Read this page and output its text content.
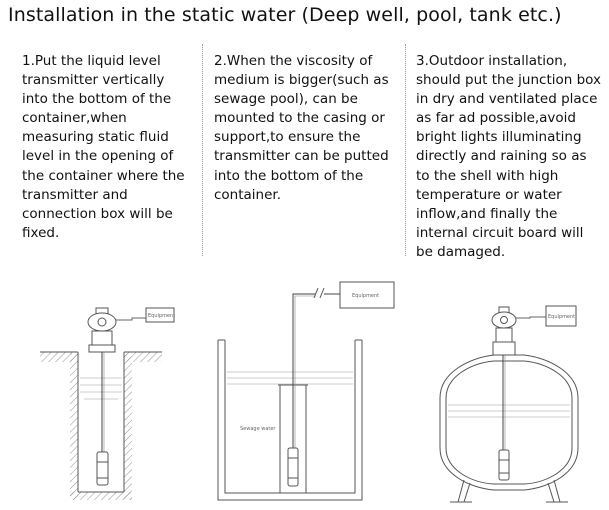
Installation in the static water (Deep well, pool, tank etc.)
1.Put the liquid level transmitter vertically into the bottom of the container,when measuring static fluid level in the opening of the container where the transmitter and connection box will be fixed.
2.When the viscosity of medium is bigger(such as sewage pool), can be mounted to the casing or support,to ensure the transmitter can be putted into the bottom of the container.
3.Outdoor installation, should put the junction box in dry and ventilated place as far ad possible,avoid bright lights illuminating directly and raining so as to the shell with high temperature or water inflow,and finally the internal circuit board will be damaged.
Equipment
Equipment
Sewage water
Equipment
